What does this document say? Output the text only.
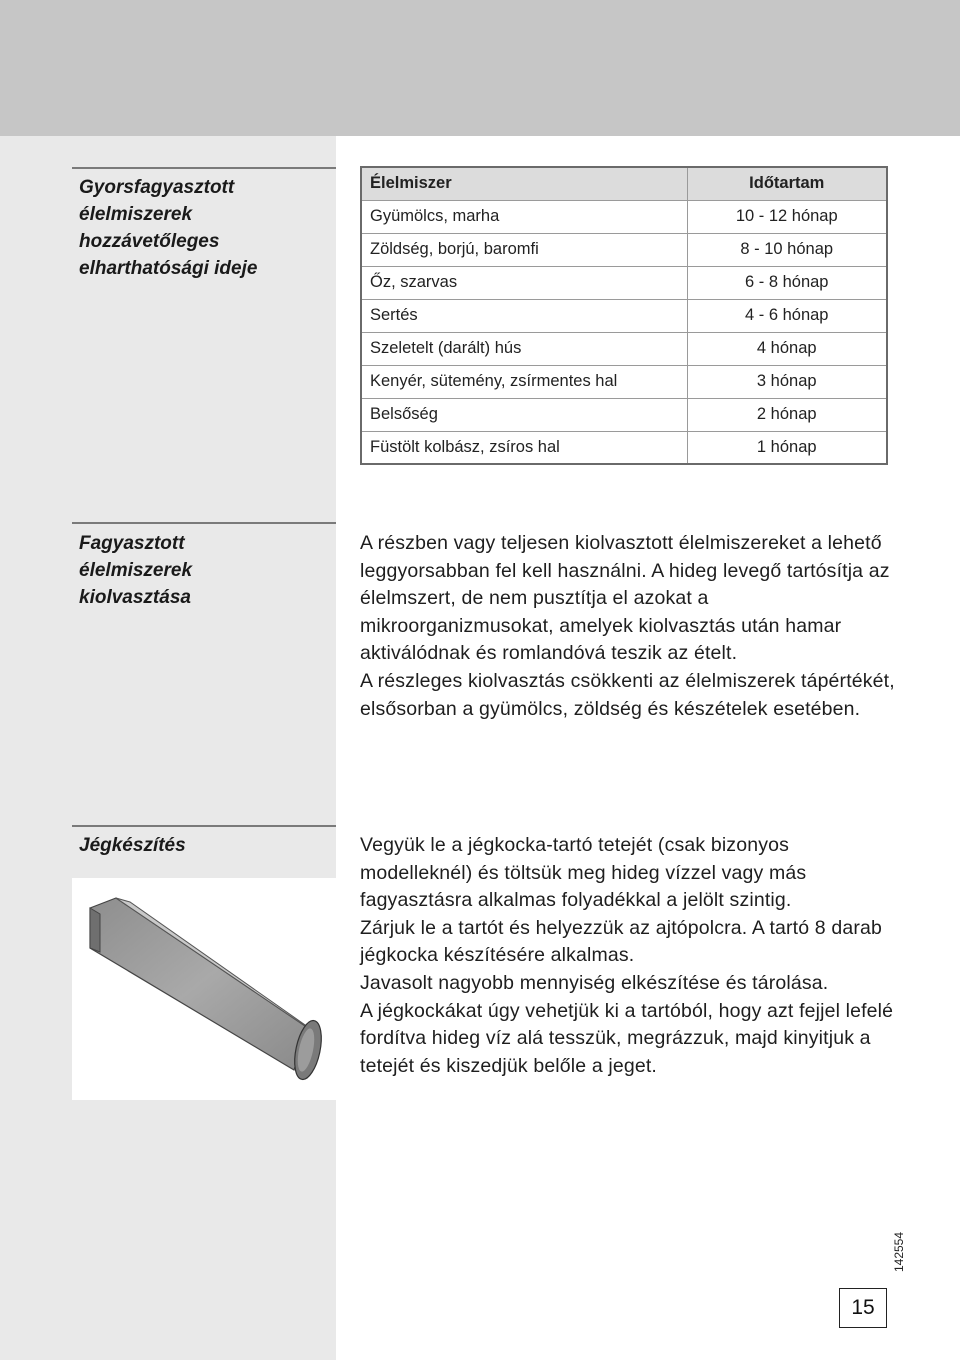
Gyorsfagyasztott
élelmiszerek
hozzávetőleges
elharthatósági ideje
Élelmiszer	Időtartam
Gyümölcs, marha	10 - 12 hónap
Zöldség, borjú, baromfi	8 - 10 hónap
Őz, szarvas	6 - 8 hónap
Sertés	4 - 6 hónap
Szeletelt (darált) hús	4 hónap
Kenyér, sütemény, zsírmentes hal	3 hónap
Belsőség	2 hónap
Füstölt kolbász, zsíros hal	1 hónap
Fagyasztott
élelmiszerek
kiolvasztása

A részben vagy teljesen kiolvasztott élelmiszereket a lehető leggyorsabban fel kell használni. A hideg levegő tartósítja az élelmszert, de nem pusztítja el azokat a mikroorganizmusokat, amelyek kiolvasztás után hamar aktiválódnak és romlandóvá teszik az ételt.

A részleges kiolvasztás csökkenti az élelmiszerek tápértékét, elsősorban a gyümölcs, zöldség és készételek esetében.

Jégkészítés	Vegyük le a jégkocka-tartó tetejét (csak bizonyos modelleknél) és töltsük meg hideg vízzel vagy más fagyasztásra alkalmas folyadékkal a jelölt szintig.

Zárjuk le a tartót és helyezzük az ajtópolcra. A tartó 8 darab jégkocka készítésére alkalmas.

Javasolt nagyobb mennyiség elkészítése és tárolása.

A jégkockákat úgy vehetjük ki a tartóból, hogy azt fejjel lefelé fordítva hideg víz alá tesszük, megrázzuk, majd kinyitjuk a tetejét és kiszedjük belőle a jeget.

142554
15
